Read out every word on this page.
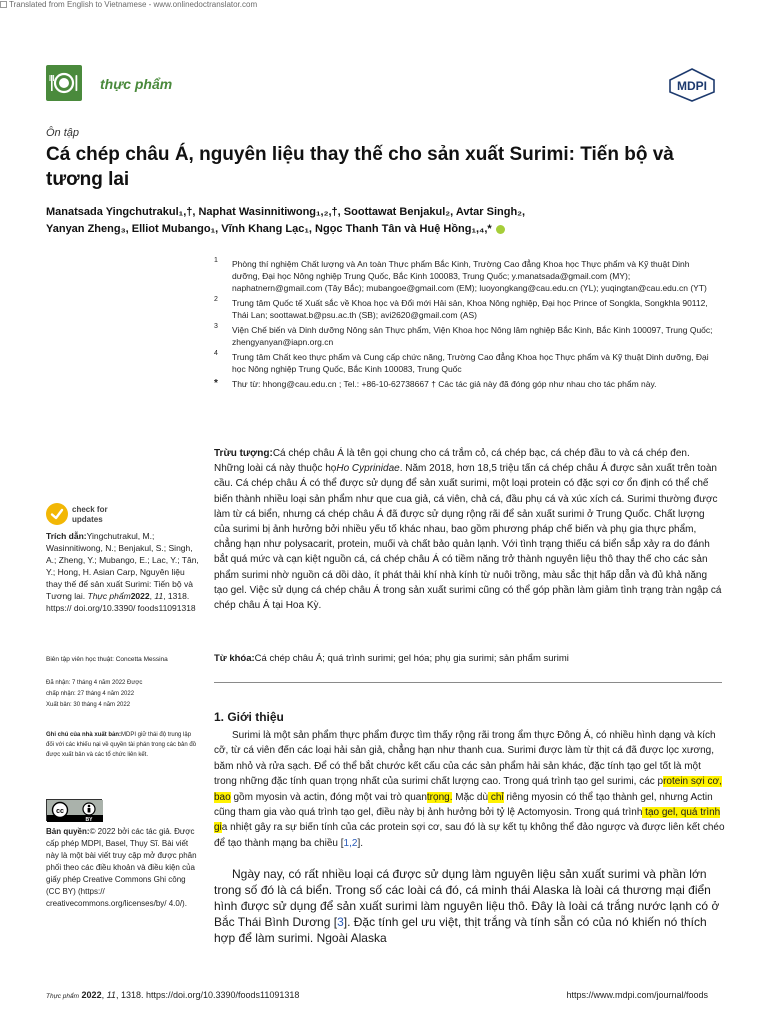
Translated from English to Vietnamese - www.onlinedoctranslator.com
thực phẩm	MDPI
Ôn tập
Cá chép châu Á, nguyên liệu thay thế cho sản xuất Surimi: Tiến bộ và tương lai
Manatsada Yingchutrakul₁,†, Naphat Wasinnitiwong₁,₂,†, Soottawat Benjakul₂, Avtar Singh₂,
Yanyan Zheng₃, Elliot Mubango₁, Vĩnh Khang Lạc₁, Ngọc Thanh Tân và Huệ Hồng₁,₄,*
1 Phòng thí nghiệm Chất lượng và An toàn Thực phẩm Bắc Kinh, Trường Cao đẳng Khoa học Thực phẩm và Kỹ thuật Dinh dưỡng, Đại học Nông nghiệp Trung Quốc, Bắc Kinh 100083, Trung Quốc; y.manatsada@gmail.com (MY); naphatnern@gmail.com (Tây Bắc); mubangoe@gmail.com (EM); luoyongkang@cau.edu.cn (YL); yuqingtan@cau.edu.cn (YT)
2 Trung tâm Quốc tế Xuất sắc về Khoa học và Đổi mới Hải sản, Khoa Nông nghiệp, Đại học Prince of Songkla, Songkhla 90112, Thái Lan; soottawat.b@psu.ac.th (SB); avi2620@gmail.com (AS)
3 Viện Chế biến và Dinh dưỡng Nông sản Thực phẩm, Viện Khoa học Nông lâm nghiệp Bắc Kinh, Bắc Kinh 100097, Trung Quốc; zhengyanyan@iapn.org.cn
4 Trung tâm Chất keo thực phẩm và Cung cấp chức năng, Trường Cao đẳng Khoa học Thực phẩm và Kỹ thuật Dinh dưỡng, Đại học Nông nghiệp Trung Quốc, Bắc Kinh 100083, Trung Quốc
* Thư từ: hhong@cau.edu.cn ; Tel.: +86-10-62738667 † Các tác giả này đã đóng góp như nhau cho tác phẩm này.
Trừu tượng:Cá chép châu Á là tên gọi chung cho cá trắm cỏ, cá chép bạc, cá chép đầu to và cá chép đen. Những loài cá này thuộc họHo Cyprinidae. Năm 2018, hơn 18,5 triệu tấn cá chép châu Á được sản xuất trên toàn cầu. Cá chép châu Á có thể được sử dụng để sản xuất surimi, một loại protein có đặc sợi cơ ổn định có thể chế biến thành nhiều loại sản phẩm như que cua giả, cá viên, chả cá, đầu phụ cá và xúc xích cá. Surimi thường được làm từ cá biển, nhưng cá chép châu Á đã được sử dụng rộng rãi để sản xuất surimi ở Trung Quốc. Chất lượng của surimi bị ảnh hưởng bởi nhiều yếu tố khác nhau, bao gồm phương pháp chế biến và phụ gia thực phẩm, chẳng hạn như polysacarit, protein, muối và chất bảo quản lạnh. Với tình trạng thiếu cá biển sắp xảy ra do đánh bắt quá mức và cạn kiệt nguồn cá, cá chép châu Á có tiềm năng trở thành nguyên liệu thô thay thế cho các sản phẩm surimi nhờ nguồn cá dồi dào, ít phát thải khí nhà kính từ nuôi trồng, màu sắc thịt hấp dẫn và đủ khả năng tạo gel. Việc sử dụng cá chép châu Á trong sản xuất surimi cũng có thể góp phần làm giảm tình trạng tràn ngập cá chép châu Á tại Hoa Kỳ.
check for
updates
Trích dẫn:Yingchutrakul, M.; Wasinnitiwong, N.; Benjakul, S.; Singh, A.; Zheng, Y.; Mubango, E.; Lac, Y.; Tân, Y.; Hong, H. Asian Carp, Nguyên liệu thay thế để sản xuất Surimi: Tiến bộ và Tương lai. Thực phẩm2022, 11, 1318. https:// doi.org/10.3390/ foods11091318
Biên tập viên học thuật: Concetta Messina
Đã nhận: 7 tháng 4 năm 2022 Được
chấp nhận: 27 tháng 4 năm 2022
Xuất bản: 30 tháng 4 năm 2022
Ghi chú của nhà xuất bản:MDPI giữ thái độ trung lập đối với các khiếu nại về quyền tài phán trong các bản đồ được xuất bản và các tổ chức liên kết.
cc
BY
Bản quyền:© 2022 bởi các tác giả. Được cấp phép MDPI, Basel, Thụy Sĩ. Bài viết này là một bài viết truy cập mở được phân phối theo các điều khoản và điều kiện của giấy phép Creative Commons Ghi công (CC BY) (https:// creativecommons.org/licenses/by/ 4.0/).
Từ khóa:Cá chép châu Á; quá trình surimi; gel hóa; phụ gia surimi; sản phẩm surimi
1. Giới thiệu
Surimi là một sản phẩm thực phẩm được tìm thấy rộng rãi trong ẩm thực Đông Á, có nhiều hình dạng và kích cỡ, từ cá viên đến các loại hải sản giả, chẳng hạn như thanh cua. Surimi được làm từ thịt cá đã được lọc xương, băm nhỏ và rửa sạch. Để có thể bắt chước kết cấu của các sản phẩm hải sản khác, đặc tính tạo gel tốt là một trong những đặc tính quan trọng nhất của surimi chất lượng cao. Trong quá trình tạo gel surimi, các protein sợi cơ, bao gồm myosin và actin, đóng một vai trò quantrọng. Mặc dù chỉ riêng myosin có thể tạo thành gel, nhưng Actin cũng tham gia vào quá trình tạo gel, điều này bị ảnh hưởng bởi tỷ lệ Actomyosin. Trong quá trình tạo gel, quá trình gia nhiệt gây ra sự biến tính của các protein sợi cơ, sau đó là sự kết tụ không thể đảo ngược và được liên kết chéo để tạo thành mạng ba chiều [1,2].
Ngày nay, có rất nhiều loại cá được sử dụng làm nguyên liệu sản xuất surimi và phần lớn trong số đó là cá biển. Trong số các loài cá đó, cá minh thái Alaska là loài cá thương mại điển hình được sử dụng để sản xuất surimi làm nguyên liệu thô. Đây là loài cá trắng nước lạnh có ở Bắc Thái Bình Dương [3]. Đặc tính gel ưu việt, thịt trắng và tính sẵn có của nó khiến nó thích hợp để làm surimi. Ngoài Alaska
Thực phẩm 2022, 11, 1318. https://doi.org/10.3390/foods11091318	https://www.mdpi.com/journal/foods
